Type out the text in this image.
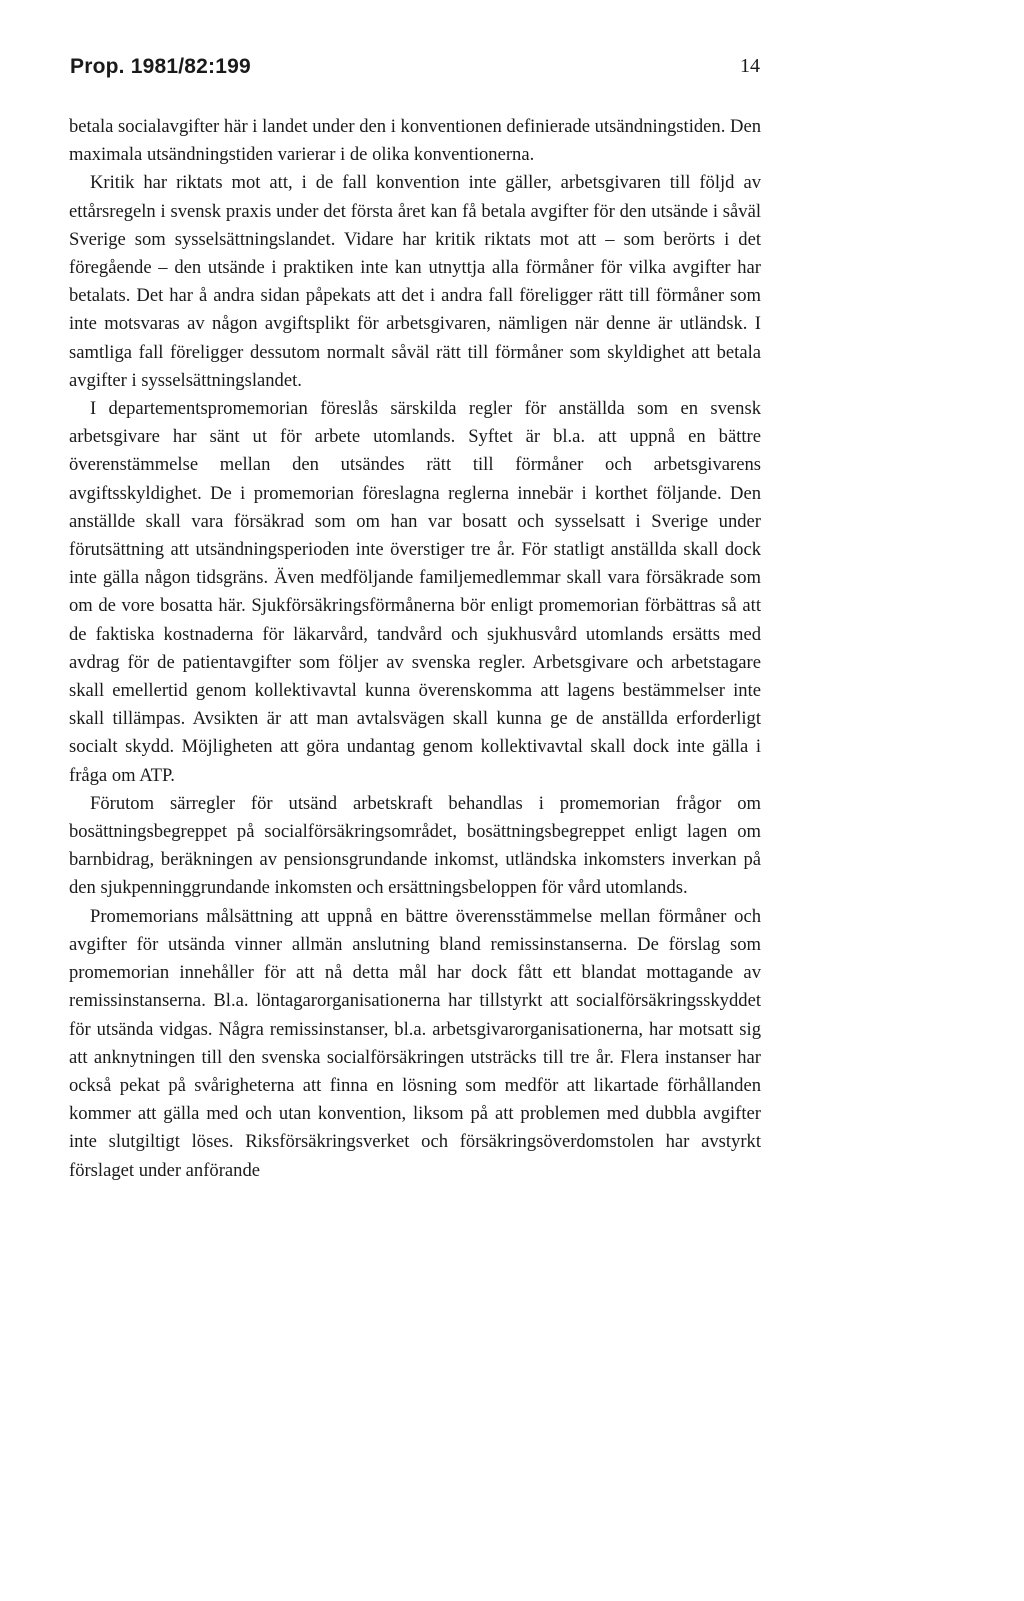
Prop. 1981/82:199	14

betala socialavgifter här i landet under den i konventionen definierade utsändningstiden. Den maximala utsändningstiden varierar i de olika konventionerna.

Kritik har riktats mot att, i de fall konvention inte gäller, arbetsgivaren till följd av ettårsregeln i svensk praxis under det första året kan få betala avgifter för den utsände i såväl Sverige som sysselsättningslandet. Vidare har kritik riktats mot att – som berörts i det föregående – den utsände i praktiken inte kan utnyttja alla förmåner för vilka avgifter har betalats. Det har å andra sidan påpekats att det i andra fall föreligger rätt till förmåner som inte motsvaras av någon avgiftsplikt för arbetsgivaren, nämligen när denne är utländsk. I samtliga fall föreligger dessutom normalt såväl rätt till förmåner som skyldighet att betala avgifter i sysselsättningslandet.

I departementspromemorian föreslås särskilda regler för anställda som en svensk arbetsgivare har sänt ut för arbete utomlands. Syftet är bl.a. att uppnå en bättre överenstämmelse mellan den utsändes rätt till förmåner och arbetsgivarens avgiftsskyldighet. De i promemorian föreslagna reglerna innebär i korthet följande. Den anställde skall vara försäkrad som om han var bosatt och sysselsatt i Sverige under förutsättning att utsändningsperioden inte överstiger tre år. För statligt anställda skall dock inte gälla någon tidsgräns. Även medföljande familjemedlemmar skall vara försäkrade som om de vore bosatta här. Sjukförsäkringsförmånerna bör enligt promemorian förbättras så att de faktiska kostnaderna för läkarvård, tandvård och sjukhusvård utomlands ersätts med avdrag för de patientavgifter som följer av svenska regler. Arbetsgivare och arbetstagare skall emellertid genom kollektivavtal kunna överenskomma att lagens bestämmelser inte skall tillämpas. Avsikten är att man avtalsvägen skall kunna ge de anställda erforderligt socialt skydd. Möjligheten att göra undantag genom kollektivavtal skall dock inte gälla i fråga om ATP.

Förutom särregler för utsänd arbetskraft behandlas i promemorian frågor om bosättningsbegreppet på socialförsäkringsområdet, bosättningsbegreppet enligt lagen om barnbidrag, beräkningen av pensionsgrundande inkomst, utländska inkomsters inverkan på den sjukpenninggrundande inkomsten och ersättningsbeloppen för vård utomlands.

Promemorians målsättning att uppnå en bättre överensstämmelse mellan förmåner och avgifter för utsända vinner allmän anslutning bland remissinstanserna. De förslag som promemorian innehåller för att nå detta mål har dock fått ett blandat mottagande av remissinstanserna. Bl.a. löntagarorganisationerna har tillstyrkt att socialförsäkringsskyddet för utsända vidgas. Några remissinstanser, bl.a. arbetsgivarorganisationerna, har motsatt sig att anknytningen till den svenska socialförsäkringen utsträcks till tre år. Flera instanser har också pekat på svårigheterna att finna en lösning som medför att likartade förhållanden kommer att gälla med och utan konvention, liksom på att problemen med dubbla avgifter inte slutgiltigt löses. Riksförsäkringsverket och försäkringsöverdomstolen har avstyrkt förslaget under anförande
